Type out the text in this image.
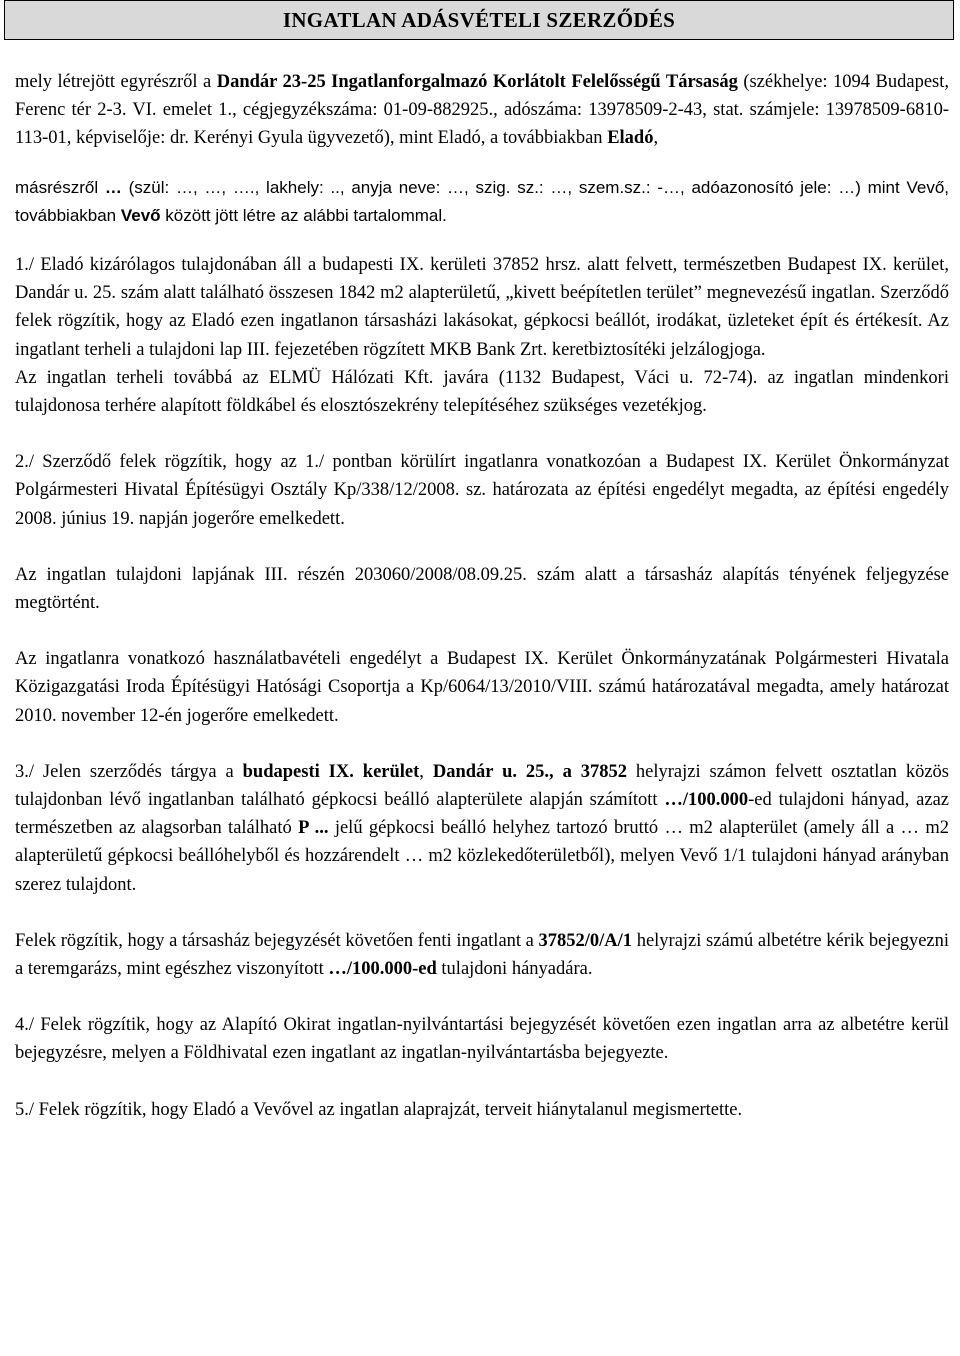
INGATLAN ADÁSVÉTELI SZERZŐDÉS

mely létrejött egyrészről a Dandár 23-25 Ingatlanforgalmazó Korlátolt Felelősségű Társaság (székhelye: 1094 Budapest, Ferenc tér 2-3. VI. emelet 1., cégjegyzékszáma: 01-09-882925., adószáma: 13978509-2-43, stat. számjele: 13978509-6810-113-01, képviselője: dr. Kerényi Gyula ügyvezető), mint Eladó, a továbbiakban Eladó,

másrészről … (szül: …, …, …., lakhely: .., anyja neve: …, szig. sz.: …, szem.sz.: -…, adóazonosító jele: …) mint Vevő, továbbiakban Vevő között jött létre az alábbi tartalommal.

1./ Eladó kizárólagos tulajdonában áll a budapesti IX. kerületi 37852 hrsz. alatt felvett, természetben Budapest IX. kerület, Dandár u. 25. szám alatt található összesen 1842 m2 alapterületű, „kivett beépítetlen terület” megnevezésű ingatlan. Szerződő felek rögzítik, hogy az Eladó ezen ingatlanon társasházi lakásokat, gépkocsi beállót, irodákat, üzleteket épít és értékesít. Az ingatlant terheli a tulajdoni lap III. fejezetében rögzített MKB Bank Zrt. keretbiztosítéki jelzálogjoga.

Az ingatlan terheli továbbá az ELMÜ Hálózati Kft. javára (1132 Budapest, Váci u. 72-74). az ingatlan mindenkori tulajdonosa terhére alapított földkábel és elosztószekrény telepítéséhez szükséges vezetékjog.

2./ Szerződő felek rögzítik, hogy az 1./ pontban körülírt ingatlanra vonatkozóan a Budapest IX. Kerület Önkormányzat Polgármesteri Hivatal Építésügyi Osztály Kp/338/12/2008. sz. határozata az építési engedélyt megadta, az építési engedély 2008. június 19. napján jogerőre emelkedett.

Az ingatlan tulajdoni lapjának III. részén 203060/2008/08.09.25. szám alatt a társasház alapítás tényének feljegyzése megtörtént.

Az ingatlanra vonatkozó használatbavételi engedélyt a Budapest IX. Kerület Önkormányzatának Polgármesteri Hivatala Közigazgatási Iroda Építésügyi Hatósági Csoportja a Kp/6064/13/2010/VIII. számú határozatával megadta, amely határozat 2010. november 12-én jogerőre emelkedett.

3./ Jelen szerződés tárgya a budapesti IX. kerület, Dandár u. 25., a 37852 helyrajzi számon felvett osztatlan közös tulajdonban lévő ingatlanban található gépkocsi beálló alapterülete alapján számított …/100.000-ed tulajdoni hányad, azaz természetben az alagsorban található P ... jelű gépkocsi beálló helyhez tartozó bruttó … m2 alapterület (amely áll a … m2 alapterületű gépkocsi beállóhelyből és hozzárendelt … m2 közlekedőterületből), melyen Vevő 1/1 tulajdoni hányad arányban szerez tulajdont.

Felek rögzítik, hogy a társasház bejegyzését követően fenti ingatlant a 37852/0/A/1 helyrajzi számú albetétre kérik bejegyezni a teremgarázs, mint egészhez viszonyított …/100.000-ed tulajdoni hányadára.

4./ Felek rögzítik, hogy az Alapító Okirat ingatlan-nyilvántartási bejegyzését követően ezen ingatlan arra az albetétre kerül bejegyzésre, melyen a Földhivatal ezen ingatlant az ingatlan-nyilvántartásba bejegyezte.

5./ Felek rögzítik, hogy Eladó a Vevővel az ingatlan alaprajzát, terveit hiánytalanul megismertette.
